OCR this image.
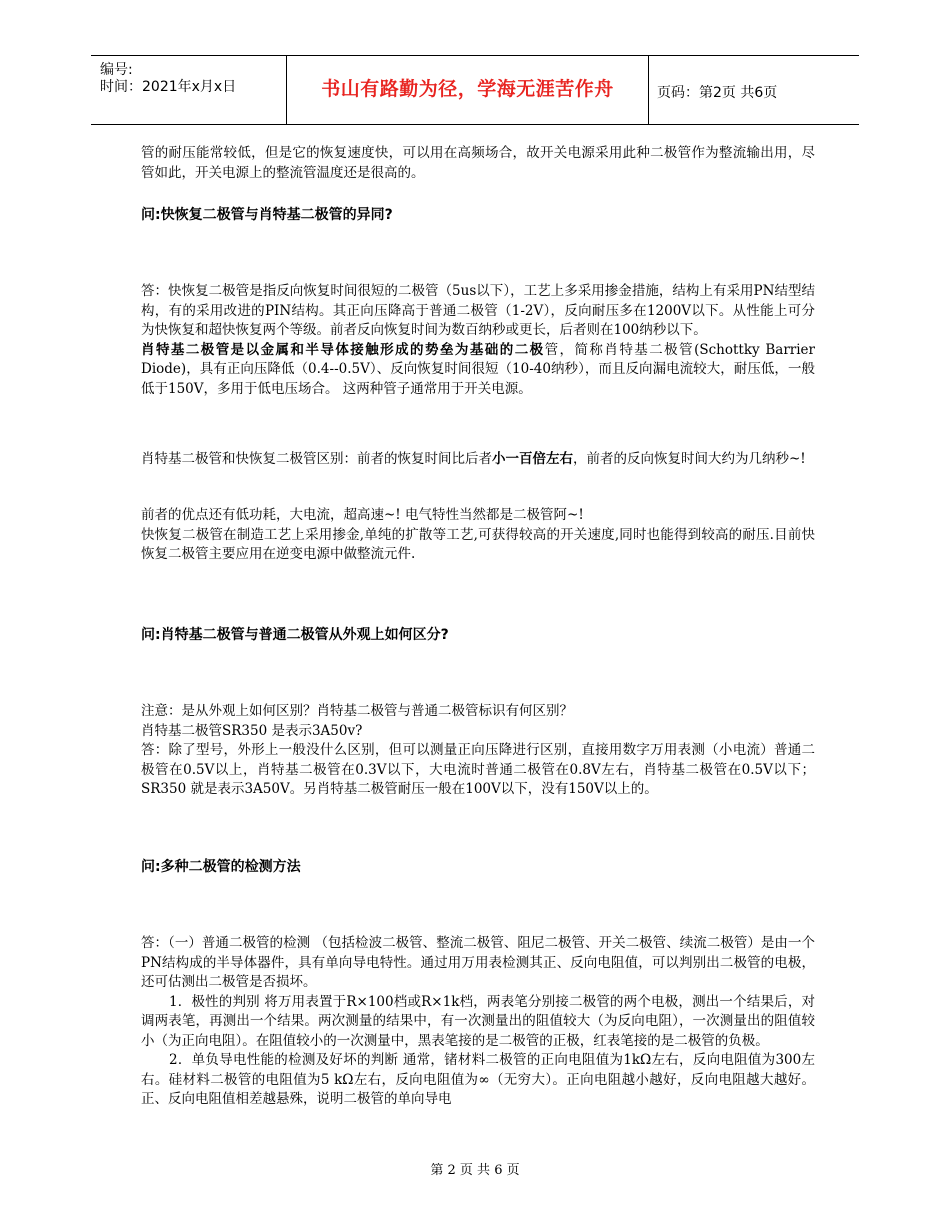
编号:
时间：2021年x月x日	书山有路勤为径，学海无涯苦作舟	页码：第2页 共6页

管的耐压能常较低，但是它的恢复速度快，可以用在高频场合，故开关电源采用此种二极管作为整流输出用，尽管如此，开关电源上的整流管温度还是很高的。

问:快恢复二极管与肖特基二极管的异同?

答：快恢复二极管是指反向恢复时间很短的二极管（5us以下），工艺上多采用掺金措施，结构上有采用PN结型结构，有的采用改进的PIN结构。其正向压降高于普通二极管（1-2V），反向耐压多在1200V以下。从性能上可分为快恢复和超快恢复两个等级。前者反向恢复时间为数百纳秒或更长，后者则在100纳秒以下。

肖特基二极管是以金属和半导体接触形成的势垒为基础的二极管，简称肖特基二极管(Schottky Barrier Diode)，具有正向压降低（0.4--0.5V）、反向恢复时间很短（10-40纳秒），而且反向漏电流较大，耐压低，一般低于150V，多用于低电压场合。 这两种管子通常用于开关电源。

肖特基二极管和快恢复二极管区别：前者的恢复时间比后者小一百倍左右，前者的反向恢复时间大约为几纳秒~!

前者的优点还有低功耗，大电流，超高速~! 电气特性当然都是二极管阿~!

快恢复二极管在制造工艺上采用掺金,单纯的扩散等工艺,可获得较高的开关速度,同时也能得到较高的耐压.目前快恢复二极管主要应用在逆变电源中做整流元件.

问:肖特基二极管与普通二极管从外观上如何区分?

注意：是从外观上如何区别？肖特基二极管与普通二极管标识有何区别？

肖特基二极管SR350 是表示3A50v?

答：除了型号，外形上一般没什么区别，但可以测量正向压降进行区别，直接用数字万用表测（小电流）普通二极管在0.5V以上，肖特基二极管在0.3V以下，大电流时普通二极管在0.8V左右，肖特基二极管在0.5V以下；SR350 就是表示3A50V。另肖特基二极管耐压一般在100V以下，没有150V以上的。

问:多种二极管的检测方法

答：（一）普通二极管的检测 （包括检波二极管、整流二极管、阻尼二极管、开关二极管、续流二极管）是由一个PN结构成的半导体器件，具有单向导电特性。通过用万用表检测其正、反向电阻值，可以判别出二极管的电极，还可估测出二极管是否损坏。

1．极性的判别 将万用表置于R×100档或R×1k档，两表笔分别接二极管的两个电极，测出一个结果后，对调两表笔，再测出一个结果。两次测量的结果中，有一次测量出的阻值较大（为反向电阻），一次测量出的阻值较小（为正向电阻）。在阻值较小的一次测量中，黑表笔接的是二极管的正极，红表笔接的是二极管的负极。

2．单负导电性能的检测及好坏的判断 通常，锗材料二极管的正向电阻值为1kΩ左右，反向电阻值为300左右。硅材料二极管的电阻值为5 kΩ左右，反向电阻值为∞（无穷大）。正向电阻越小越好，反向电阻越大越好。正、反向电阻值相差越悬殊，说明二极管的单向导电

第 2 页 共 6 页
